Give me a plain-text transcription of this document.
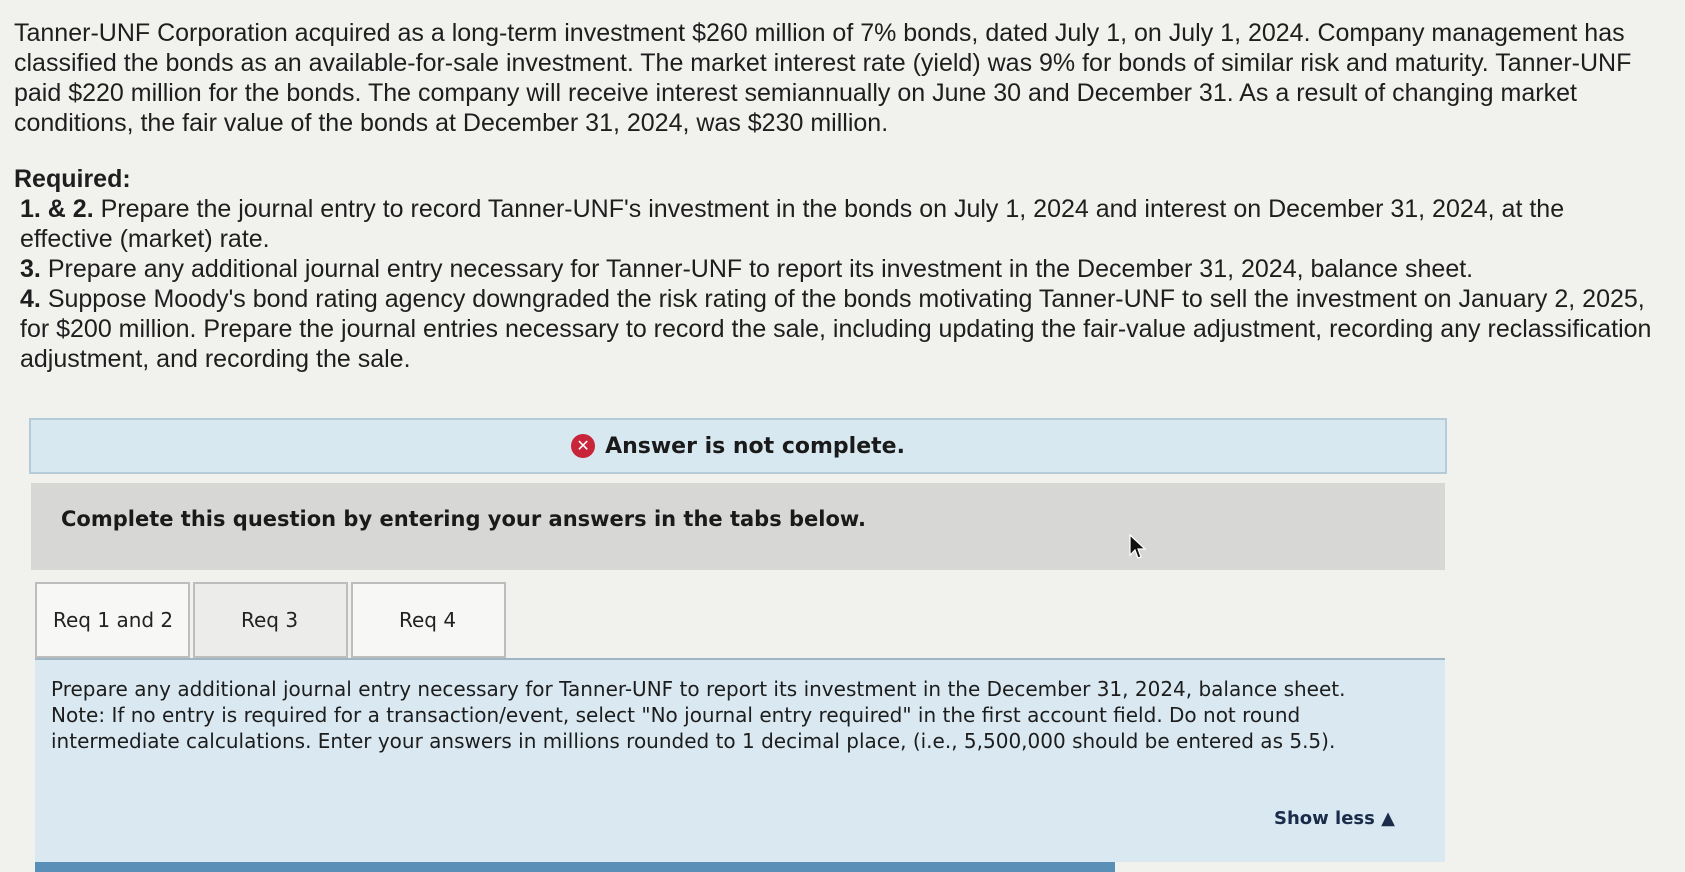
Tanner-UNF Corporation acquired as a long-term investment $260 million of 7% bonds, dated July 1, on July 1, 2024. Company management has classified the bonds as an available-for-sale investment. The market interest rate (yield) was 9% for bonds of similar risk and maturity. Tanner-UNF paid $220 million for the bonds. The company will receive interest semiannually on June 30 and December 31. As a result of changing market conditions, the fair value of the bonds at December 31, 2024, was $230 million.

Required:

1. & 2. Prepare the journal entry to record Tanner-UNF's investment in the bonds on July 1, 2024 and interest on December 31, 2024, at the effective (market) rate.
3. Prepare any additional journal entry necessary for Tanner-UNF to report its investment in the December 31, 2024, balance sheet.
4. Suppose Moody's bond rating agency downgraded the risk rating of the bonds motivating Tanner-UNF to sell the investment on January 2, 2025, for $200 million. Prepare the journal entries necessary to record the sale, including updating the fair-value adjustment, recording any reclassification adjustment, and recording the sale.
✕ Answer is not complete.
Complete this question by entering your answers in the tabs below.
Req 1 and 2	Req 3	Req 4

Prepare any additional journal entry necessary for Tanner-UNF to report its investment in the December 31, 2024, balance sheet.

Note: If no entry is required for a transaction/event, select "No journal entry required" in the first account field. Do not round intermediate calculations. Enter your answers in millions rounded to 1 decimal place, (i.e., 5,500,000 should be entered as 5.5).

Show less ▲
